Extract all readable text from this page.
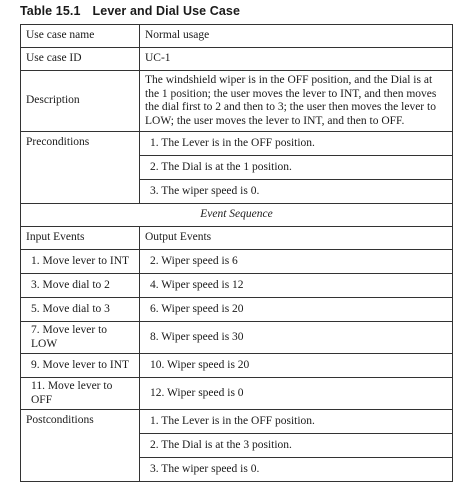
Table 15.1 Lever and Dial Use Case
Use case name	Normal usage
Use case ID	UC-1
Description	The windshield wiper is in the OFF position, and the Dial is at the 1 position; the user moves the lever to INT, and then moves the dial first to 2 and then to 3; the user then moves the lever to LOW; the user moves the lever to INT, and then to OFF.
Preconditions	1. The Lever is in the OFF position.
	2. The Dial is at the 1 position.
	3. The wiper speed is 0.
Event Sequence	
Input Events	Output Events
1. Move lever to INT	2. Wiper speed is 6
3. Move dial to 2	4. Wiper speed is 12
5. Move dial to 3	6. Wiper speed is 20
7. Move lever to LOW	8. Wiper speed is 30
9. Move lever to INT	10. Wiper speed is 20
11. Move lever to OFF	12. Wiper speed is 0
Postconditions	1. The Lever is in the OFF position.
	2. The Dial is at the 3 position.
	3. The wiper speed is 0.
